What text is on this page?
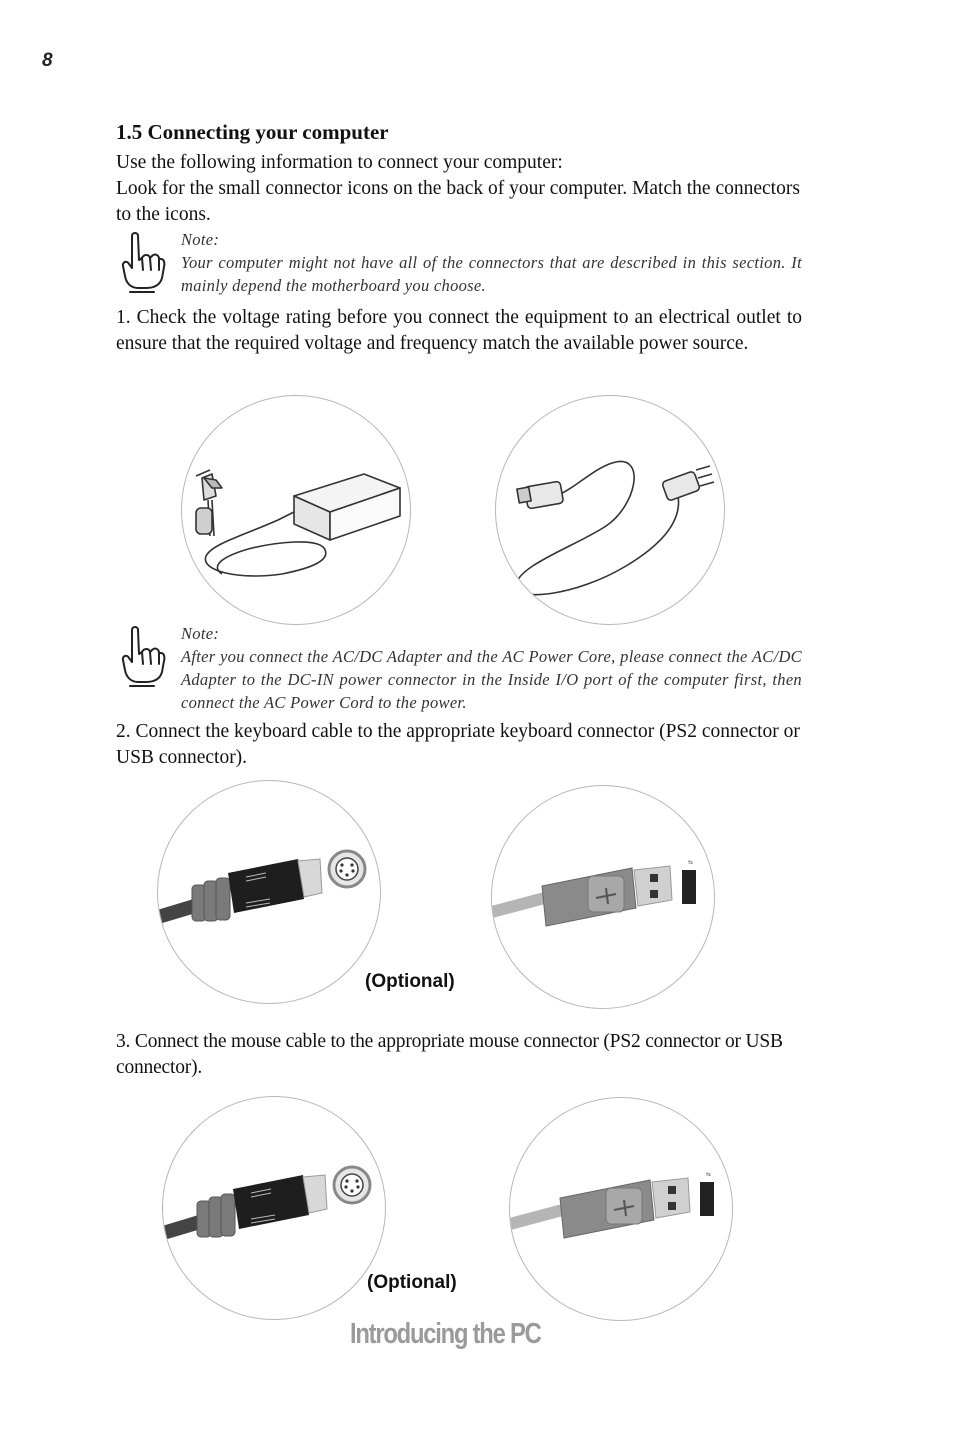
8
1.5 Connecting your computer
Use the following information to connect your computer:
Look for the small connector icons on the back of your computer. Match the connectors to the icons.
Note:
Your computer might not have all of the connectors that are described in this section. It mainly depend the motherboard you choose.
1. Check the voltage rating before you connect the equipment to an electrical outlet to ensure that the required voltage and frequency match the available power source.
Note:
After you connect the AC/DC Adapter and the AC Power Core, please connect the AC/DC Adapter to the DC-IN power connector in the Inside I/O port of the computer first, then connect the AC Power Cord to the power.
2. Connect the keyboard cable to the appropriate keyboard connector (PS2 connector or USB connector).
(Optional)
⇆
3. Connect the mouse cable to the appropriate mouse connector (PS2 connector or USB connector).
(Optional)
⇆
Introducing the PC
